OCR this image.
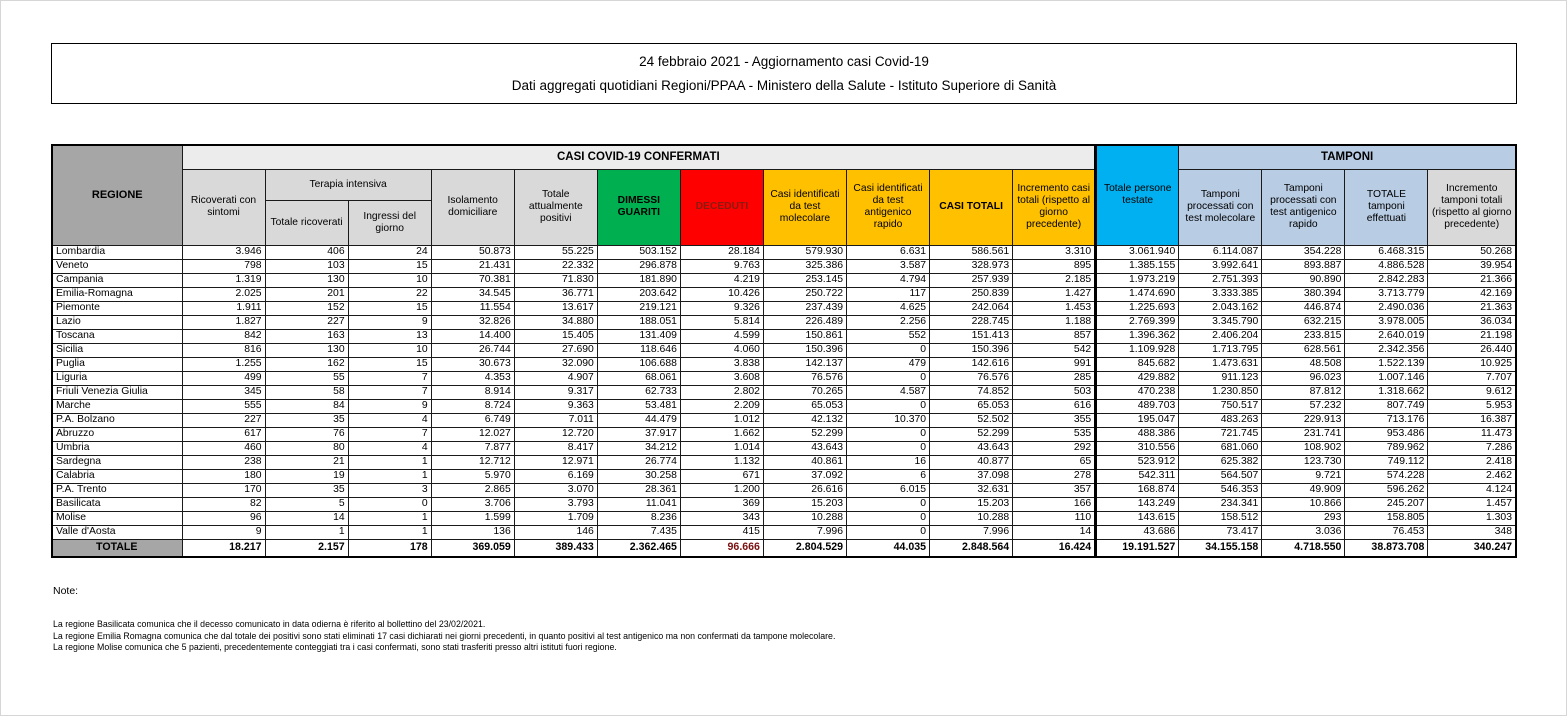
24 febbraio 2021 - Aggiornamento casi Covid-19
Dati aggregati quotidiani Regioni/PPAA - Ministero della Salute - Istituto Superiore di Sanità
REGIONE	CASI COVID-19 CONFERMATI											Totale persone testate	TAMPONI			
	Ricoverati con sintomi	Terapia intensiva		Isolamento domiciliare	Totale attualmente positivi	DIMESSI GUARITI	DECEDUTI	Casi identificati da test molecolare	Casi identificati da test antigenico rapido	CASI TOTALI	Incremento casi totali (rispetto al giorno precedente)		Tamponi processati con test molecolare	Tamponi processati con test antigenico rapido	TOTALE tamponi effettuati	Incremento tamponi totali (rispetto al giorno precedente)
		Totale ricoverati	Ingressi del giorno													
Lombardia	3.946	406	24	50.873	55.225	503.152	28.184	579.930	6.631	586.561	3.310	3.061.940	6.114.087	354.228	6.468.315	50.268
Veneto	798	103	15	21.431	22.332	296.878	9.763	325.386	3.587	328.973	895	1.385.155	3.992.641	893.887	4.886.528	39.954
Campania	1.319	130	10	70.381	71.830	181.890	4.219	253.145	4.794	257.939	2.185	1.973.219	2.751.393	90.890	2.842.283	21.366
Emilia-Romagna	2.025	201	22	34.545	36.771	203.642	10.426	250.722	117	250.839	1.427	1.474.690	3.333.385	380.394	3.713.779	42.169
Piemonte	1.911	152	15	11.554	13.617	219.121	9.326	237.439	4.625	242.064	1.453	1.225.693	2.043.162	446.874	2.490.036	21.363
Lazio	1.827	227	9	32.826	34.880	188.051	5.814	226.489	2.256	228.745	1.188	2.769.399	3.345.790	632.215	3.978.005	36.034
Toscana	842	163	13	14.400	15.405	131.409	4.599	150.861	552	151.413	857	1.396.362	2.406.204	233.815	2.640.019	21.198
Sicilia	816	130	10	26.744	27.690	118.646	4.060	150.396	0	150.396	542	1.109.928	1.713.795	628.561	2.342.356	26.440
Puglia	1.255	162	15	30.673	32.090	106.688	3.838	142.137	479	142.616	991	845.682	1.473.631	48.508	1.522.139	10.925
Liguria	499	55	7	4.353	4.907	68.061	3.608	76.576	0	76.576	285	429.882	911.123	96.023	1.007.146	7.707
Friuli Venezia Giulia	345	58	7	8.914	9.317	62.733	2.802	70.265	4.587	74.852	503	470.238	1.230.850	87.812	1.318.662	9.612
Marche	555	84	9	8.724	9.363	53.481	2.209	65.053	0	65.053	616	489.703	750.517	57.232	807.749	5.953
P.A. Bolzano	227	35	4	6.749	7.011	44.479	1.012	42.132	10.370	52.502	355	195.047	483.263	229.913	713.176	16.387
Abruzzo	617	76	7	12.027	12.720	37.917	1.662	52.299	0	52.299	535	488.386	721.745	231.741	953.486	11.473
Umbria	460	80	4	7.877	8.417	34.212	1.014	43.643	0	43.643	292	310.556	681.060	108.902	789.962	7.286
Sardegna	238	21	1	12.712	12.971	26.774	1.132	40.861	16	40.877	65	523.912	625.382	123.730	749.112	2.418
Calabria	180	19	1	5.970	6.169	30.258	671	37.092	6	37.098	278	542.311	564.507	9.721	574.228	2.462
P.A. Trento	170	35	3	2.865	3.070	28.361	1.200	26.616	6.015	32.631	357	168.874	546.353	49.909	596.262	4.124
Basilicata	82	5	0	3.706	3.793	11.041	369	15.203	0	15.203	166	143.249	234.341	10.866	245.207	1.457
Molise	96	14	1	1.599	1.709	8.236	343	10.288	0	10.288	110	143.615	158.512	293	158.805	1.303
Valle d'Aosta	9	1	1	136	146	7.435	415	7.996	0	7.996	14	43.686	73.417	3.036	76.453	348
TOTALE	18.217	2.157	178	369.059	389.433	2.362.465	96.666	2.804.529	44.035	2.848.564	16.424	19.191.527	34.155.158	4.718.550	38.873.708	340.247
Note:
La regione Basilicata comunica che il decesso comunicato in data odierna è riferito al bollettino del 23/02/2021.
La regione Emilia Romagna comunica che dal totale dei positivi sono stati eliminati 17 casi dichiarati nei giorni precedenti, in quanto positivi al test antigenico ma non confermati da tampone molecolare.
La regione Molise comunica che 5 pazienti, precedentemente conteggiati tra i casi confermati, sono stati trasferiti presso altri istituti fuori regione.
